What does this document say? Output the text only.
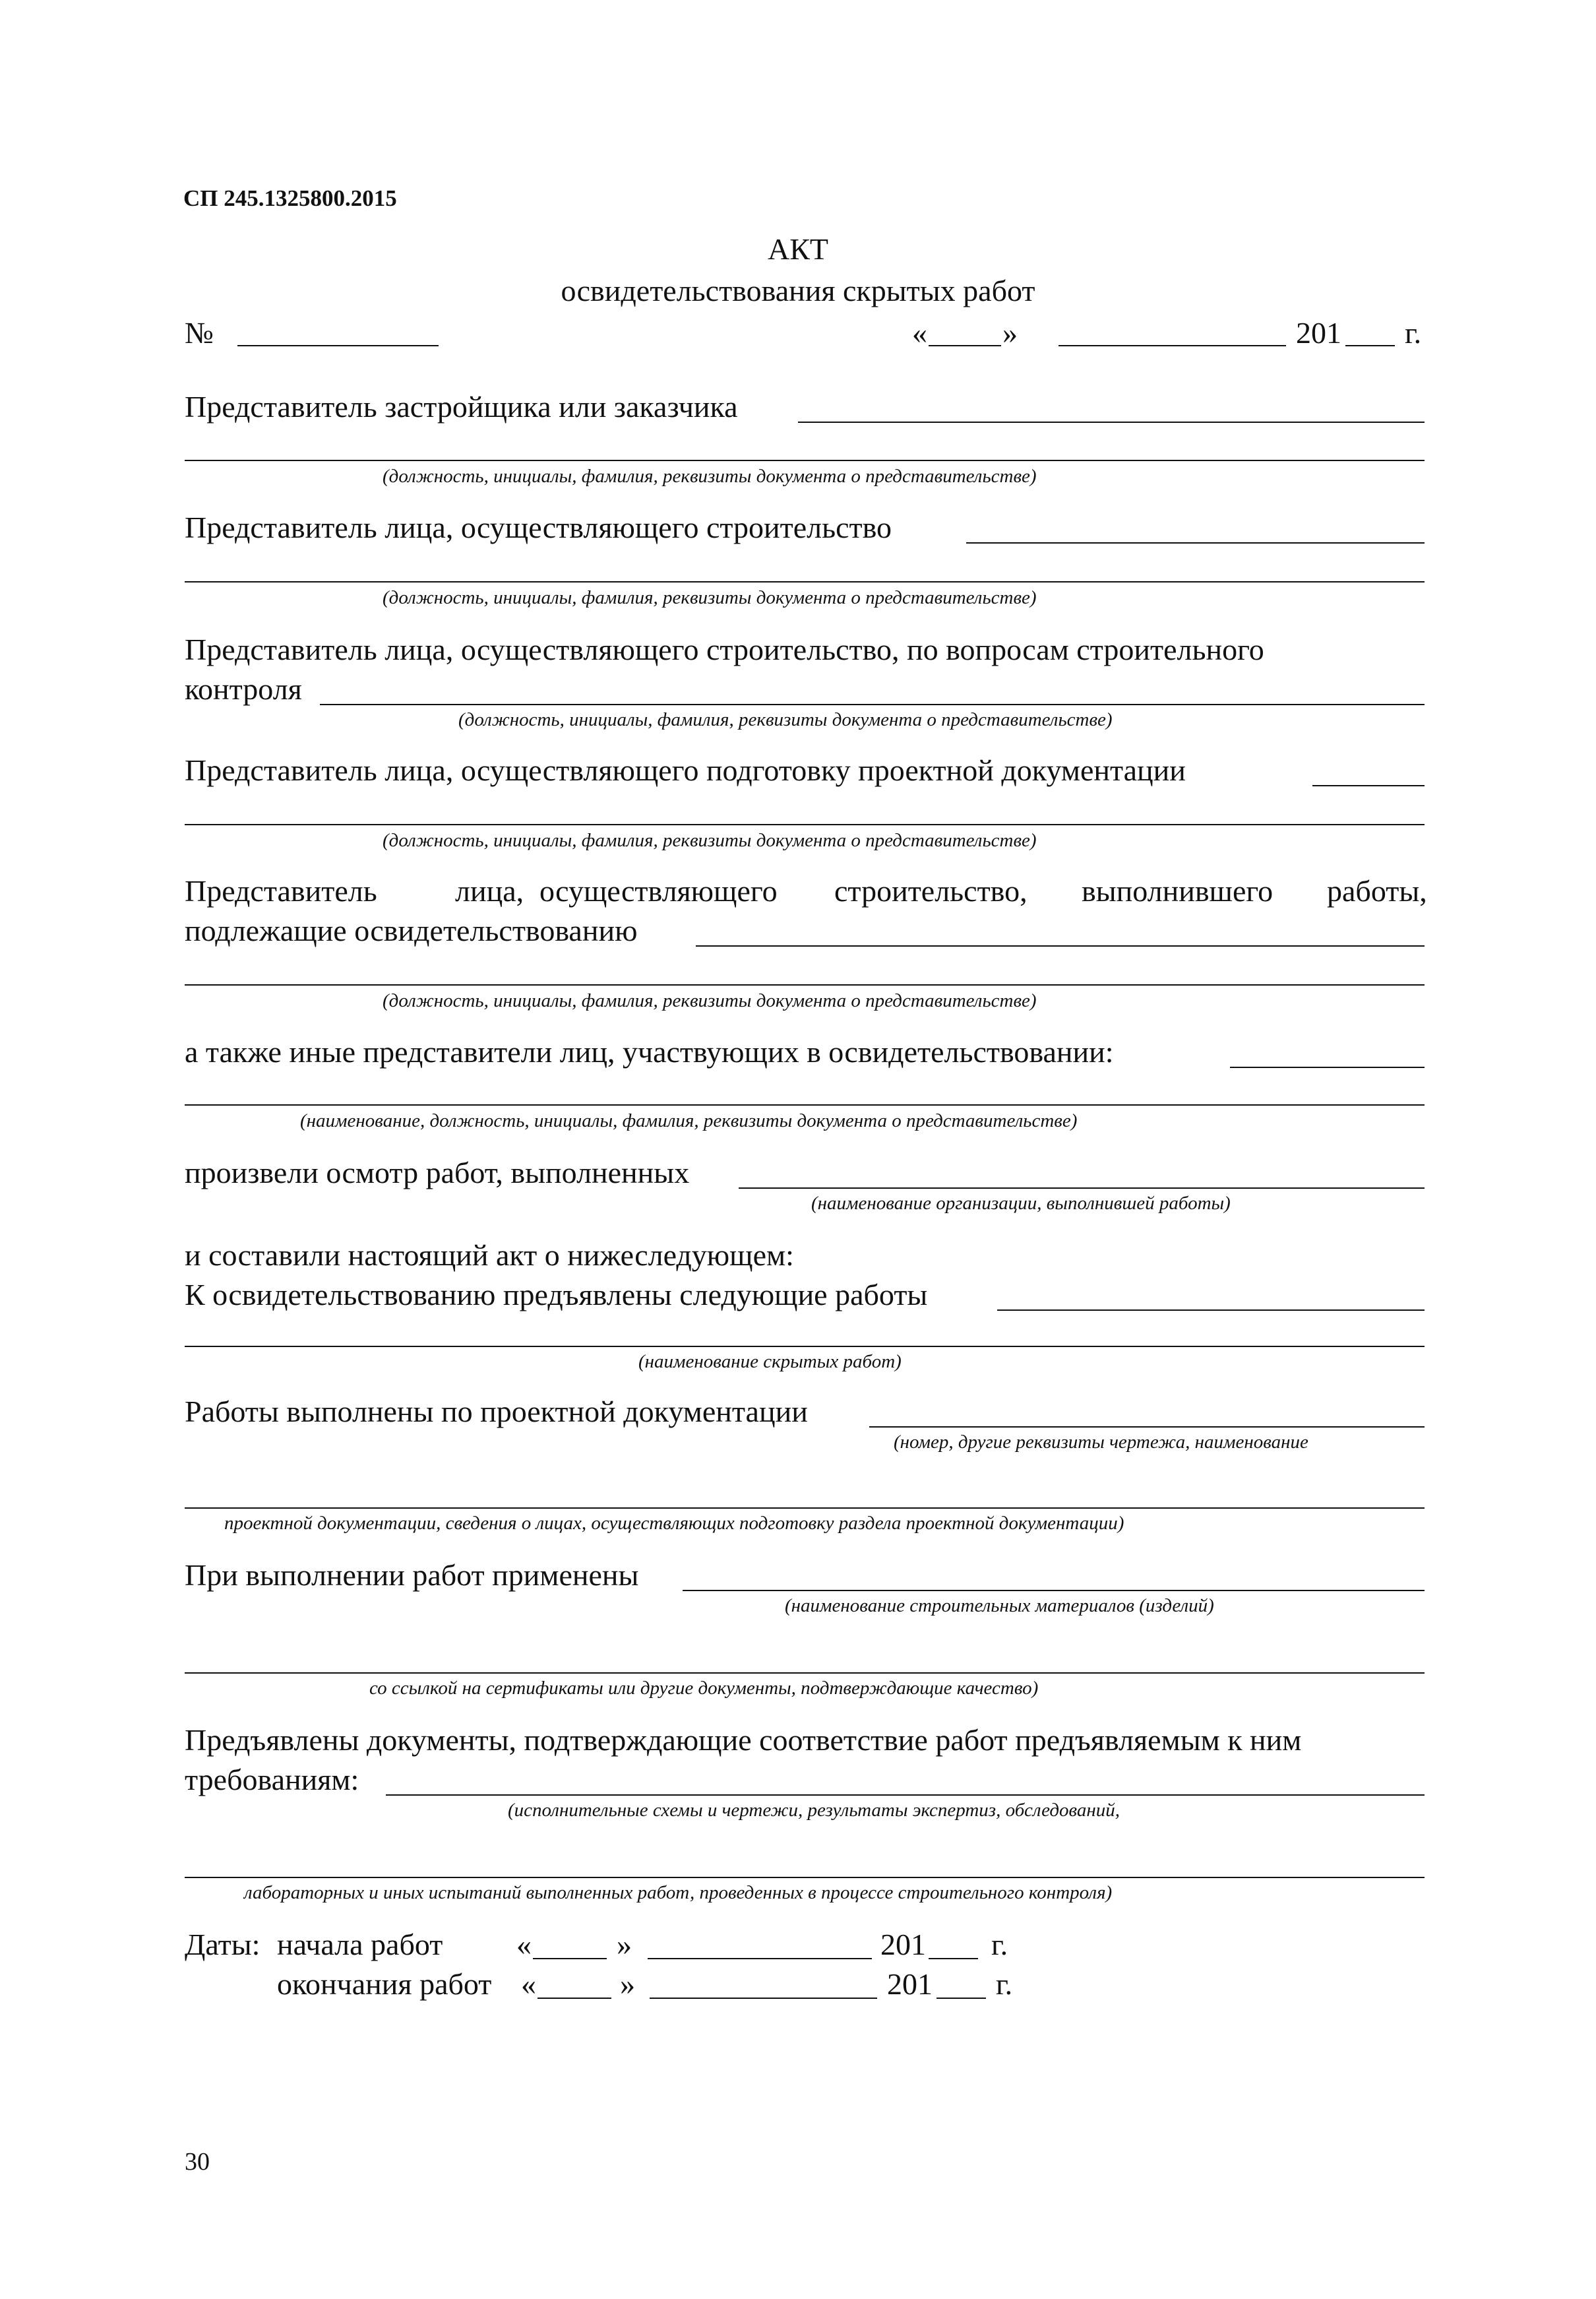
СП 245.1325800.2015
АКТ
освидетельствования скрытых работ
№	« »	201 г.
Представитель застройщика или заказчика
(должность, инициалы, фамилия, реквизиты документа о представительстве)
Представитель лица, осуществляющего строительство
(должность, инициалы, фамилия, реквизиты документа о представительстве)
Представитель лица, осуществляющего строительство, по вопросам строительного
контроля
(должность, инициалы, фамилия, реквизиты документа о представительстве)
Представитель лица, осуществляющего подготовку проектной документации
(должность, инициалы, фамилия, реквизиты документа о представительстве)
Представитель	лица, осуществляющего строительство, выполнившего работы,
подлежащие освидетельствованию
(должность, инициалы, фамилия, реквизиты документа о представительстве)
а также иные представители лиц, участвующих в освидетельствовании:
(наименование, должность, инициалы, фамилия, реквизиты документа о представительстве)
произвели осмотр работ, выполненных
(наименование организации, выполнившей работы)
и составили настоящий акт о нижеследующем:
К освидетельствованию предъявлены следующие работы
(наименование скрытых работ)
Работы выполнены по проектной документации
(номер, другие реквизиты чертежа, наименование
проектной документации, сведения о лицах, осуществляющих подготовку раздела проектной документации)
При выполнении работ применены
(наименование строительных материалов (изделий)
со ссылкой на сертификаты или другие документы, подтверждающие качество)
Предъявлены документы, подтверждающие соответствие работ предъявляемым к ним
требованиям:
(исполнительные схемы и чертежи, результаты экспертиз, обследований,
лабораторных и иных испытаний выполненных работ, проведенных в процессе строительного контроля)
Даты: начала работ «	»	201 г.
окончания работ «	»	201 г.
30
